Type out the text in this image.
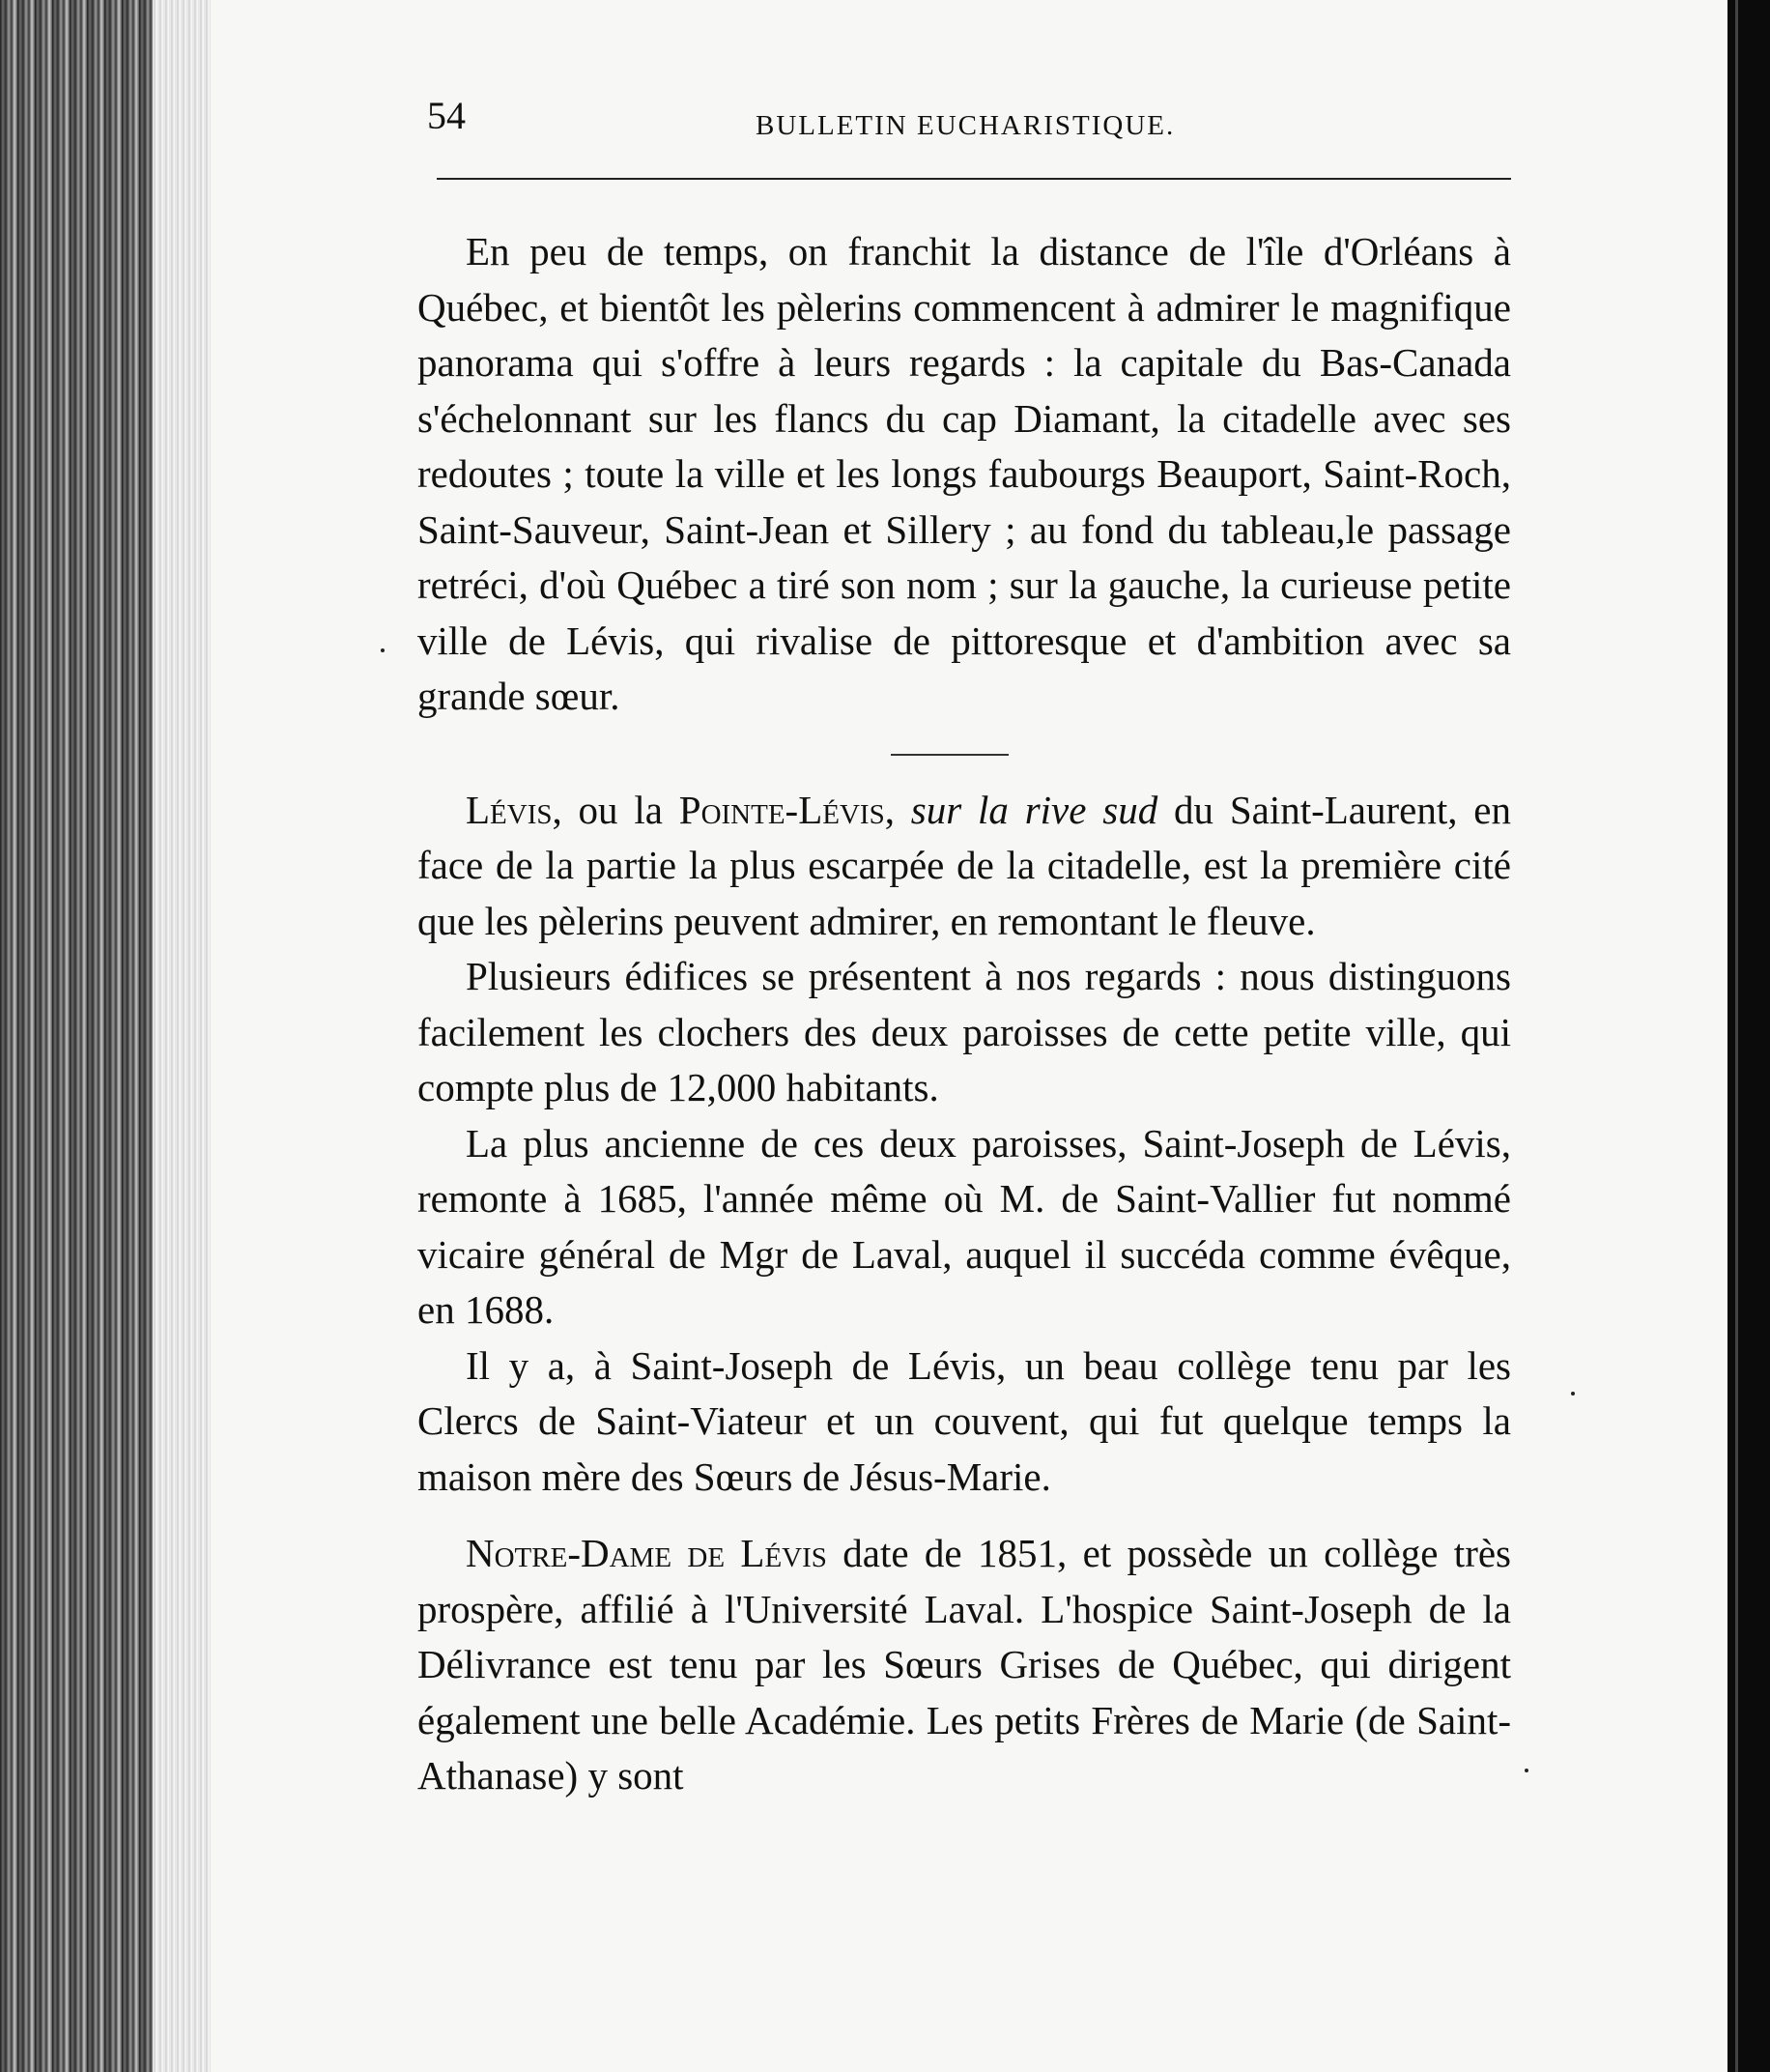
54	BULLETIN EUCHARISTIQUE.

En peu de temps, on franchit la distance de l'île d'Orléans à Québec, et bientôt les pèlerins commencent à admirer le magnifique panorama qui s'offre à leurs regards : la capitale du Bas-Canada s'échelonnant sur les flancs du cap Diamant, la citadelle avec ses redoutes ; toute la ville et les longs faubourgs Beauport, Saint-Roch, Saint-Sauveur, Saint-Jean et Sillery ; au fond du tableau,le passage retréci, d'où Québec a tiré son nom ; sur la gauche, la curieuse petite ville de Lévis, qui rivalise de pittoresque et d'ambition avec sa grande sœur.

Lévis, ou la Pointe-Lévis, sur la rive sud du Saint-Laurent, en face de la partie la plus escarpée de la citadelle, est la première cité que les pèlerins peuvent admirer, en remontant le fleuve.

Plusieurs édifices se présentent à nos regards : nous distinguons facilement les clochers des deux paroisses de cette petite ville, qui compte plus de 12,000 habitants.

La plus ancienne de ces deux paroisses, Saint-Joseph de Lévis, remonte à 1685, l'année même où M. de Saint-Vallier fut nommé vicaire général de Mgr de Laval, auquel il succéda comme évêque, en 1688.

Il y a, à Saint-Joseph de Lévis, un beau collège tenu par les Clercs de Saint-Viateur et un couvent, qui fut quelque temps la maison mère des Sœurs de Jésus-Marie.

Notre-Dame de Lévis date de 1851, et possède un collège très prospère, affilié à l'Université Laval. L'hospice Saint-Joseph de la Délivrance est tenu par les Sœurs Grises de Québec, qui dirigent également une belle Académie. Les petits Frères de Marie (de Saint-Athanase) y sont
